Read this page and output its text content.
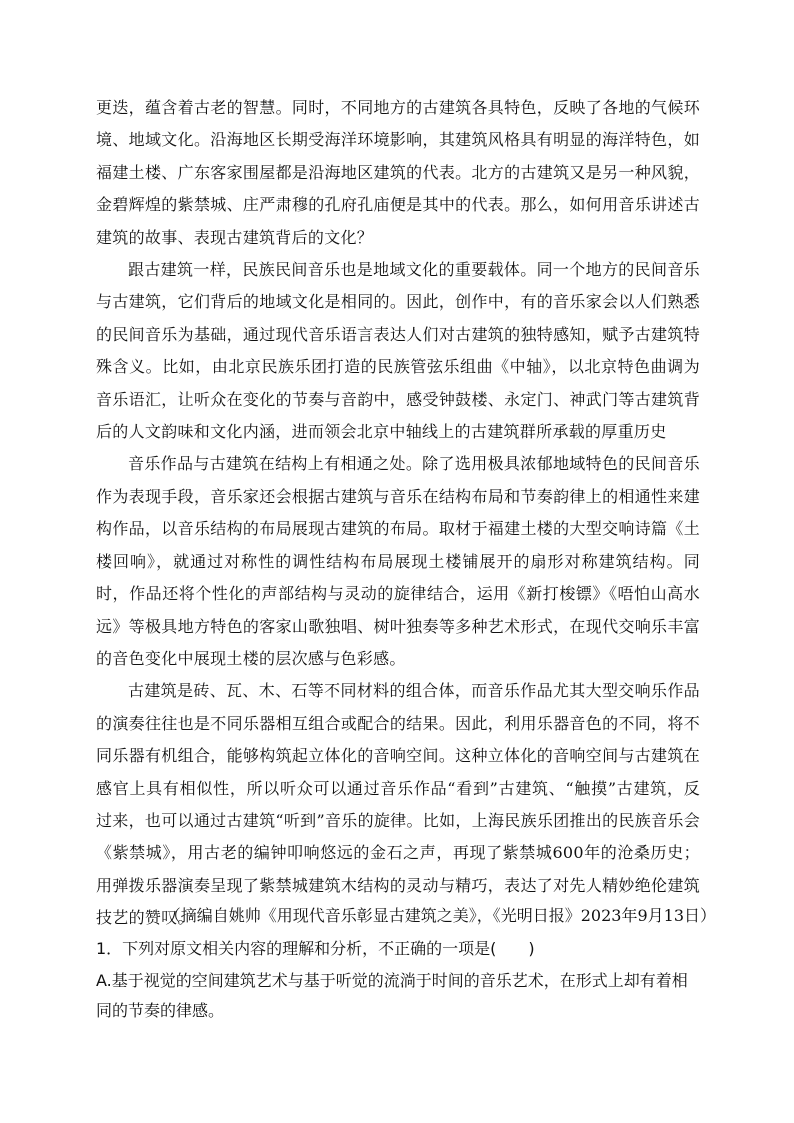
更迭，蕴含着古老的智慧。同时，不同地方的古建筑各具特色，反映了各地的气候环境、地域文化。沿海地区长期受海洋环境影响，其建筑风格具有明显的海洋特色，如福建土楼、广东客家围屋都是沿海地区建筑的代表。北方的古建筑又是另一种风貌，金碧辉煌的紫禁城、庄严肃穆的孔府孔庙便是其中的代表。那么，如何用音乐讲述古建筑的故事、表现古建筑背后的文化？

跟古建筑一样，民族民间音乐也是地域文化的重要载体。同一个地方的民间音乐与古建筑，它们背后的地域文化是相同的。因此，创作中，有的音乐家会以人们熟悉的民间音乐为基础，通过现代音乐语言表达人们对古建筑的独特感知，赋予古建筑特殊含义。比如，由北京民族乐团打造的民族管弦乐组曲《中轴》，以北京特色曲调为音乐语汇，让听众在变化的节奏与音韵中，感受钟鼓楼、永定门、神武门等古建筑背后的人文韵味和文化内涵，进而领会北京中轴线上的古建筑群所承载的厚重历史

音乐作品与古建筑在结构上有相通之处。除了选用极具浓郁地域特色的民间音乐作为表现手段，音乐家还会根据古建筑与音乐在结构布局和节奏韵律上的相通性来建构作品，以音乐结构的布局展现古建筑的布局。取材于福建土楼的大型交响诗篇《土楼回响》，就通过对称性的调性结构布局展现土楼铺展开的扇形对称建筑结构。同时，作品还将个性化的声部结构与灵动的旋律结合，运用《新打梭镖》《唔怕山高水远》等极具地方特色的客家山歌独唱、树叶独奏等多种艺术形式，在现代交响乐丰富的音色变化中展现土楼的层次感与色彩感。

古建筑是砖、瓦、木、石等不同材料的组合体，而音乐作品尤其大型交响乐作品的演奏往往也是不同乐器相互组合或配合的结果。因此，利用乐器音色的不同，将不同乐器有机组合，能够构筑起立体化的音响空间。这种立体化的音响空间与古建筑在感官上具有相似性，所以听众可以通过音乐作品“看到”古建筑、“触摸”古建筑，反过来，也可以通过古建筑“听到”音乐的旋律。比如，上海民族乐团推出的民族音乐会《紫禁城》，用古老的编钟叩响悠远的金石之声，再现了紫禁城600年的沧桑历史；用弹拨乐器演奏呈现了紫禁城建筑木结构的灵动与精巧，表达了对先人精妙绝伦建筑技艺的赞叹。

（摘编自姚帅《用现代音乐彰显古建筑之美》，《光明日报》2023年9月13日）

1．下列对原文相关内容的理解和分析，不正确的一项是(　　)

A.基于视觉的空间建筑艺术与基于听觉的流淌于时间的音乐艺术，在形式上却有着相同的节奏的律感。
